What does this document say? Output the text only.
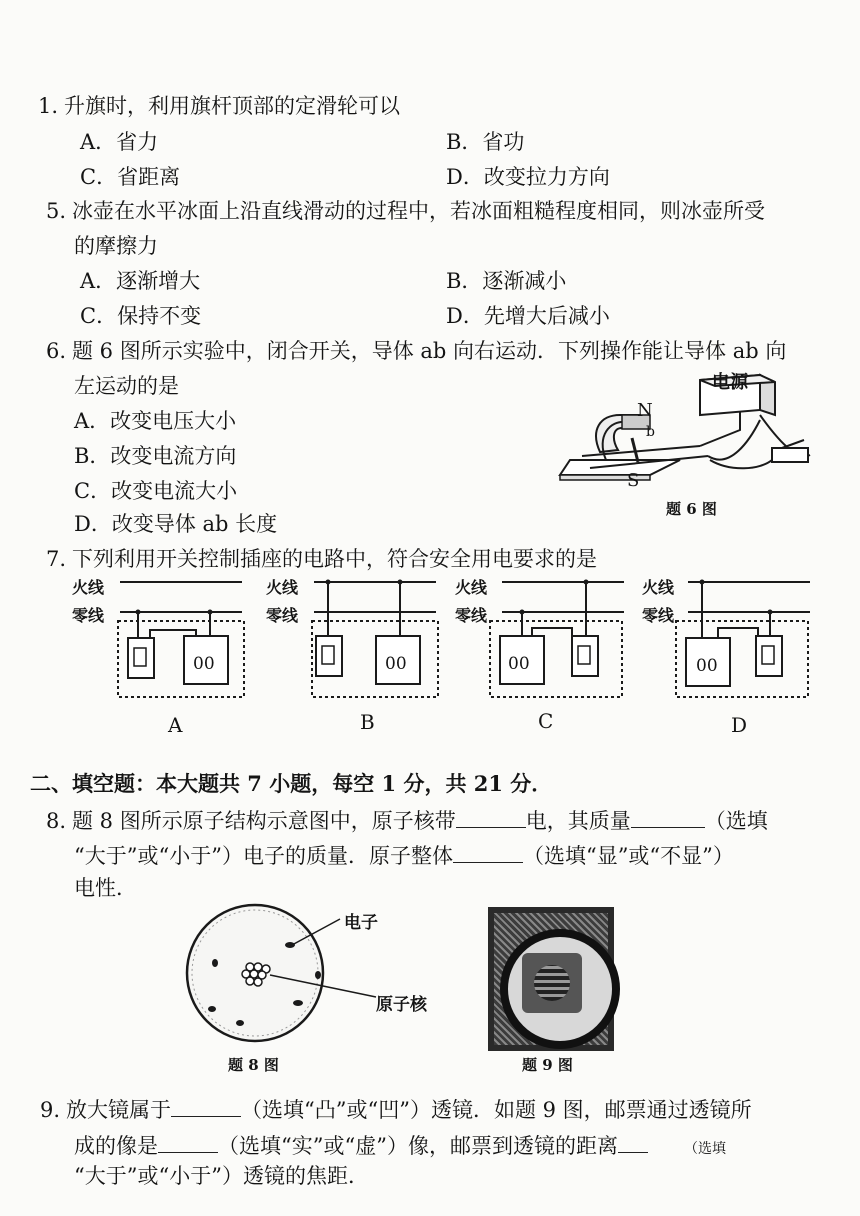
1. 升旗时，利用旗杆顶部的定滑轮可以
A．省力	B．省功
C．省距离	D．改变拉力方向
5. 冰壶在水平冰面上沿直线滑动的过程中，若冰面粗糙程度相同，则冰壶所受
的摩擦力
A．逐渐增大	B．逐渐减小
C．保持不变	D．先增大后减小
6. 题 6 图所示实验中，闭合开关，导体 ab 向右运动．下列操作能让导体 ab 向
左运动的是
A．改变电压大小
B．改变电流方向
C．改变电流大小
D．改变导体 ab 长度
电源
N
S
b
题 6 图
7. 下列利用开关控制插座的电路中，符合安全用电要求的是
火线
零线
00
A
火线
零线
00
B
火线
零线
00
C
火线
零线
00
D
二、填空题：本大题共 7 小题，每空 1 分，共 21 分．
8. 题 8 图所示原子结构示意图中，原子核带	电，其质量	（选填
“大于”或“小于”）电子的质量．原子整体	（选填“显”或“不显”）
电性．
电子
原子核
题 8 图	题 9 图
9. 放大镜属于	（选填“凸”或“凹”）透镜．如题 9 图，邮票通过透镜所
成的像是	（选填“实”或“虚”）像，邮票到透镜的距离	（选填
“大于”或“小于”）透镜的焦距．
